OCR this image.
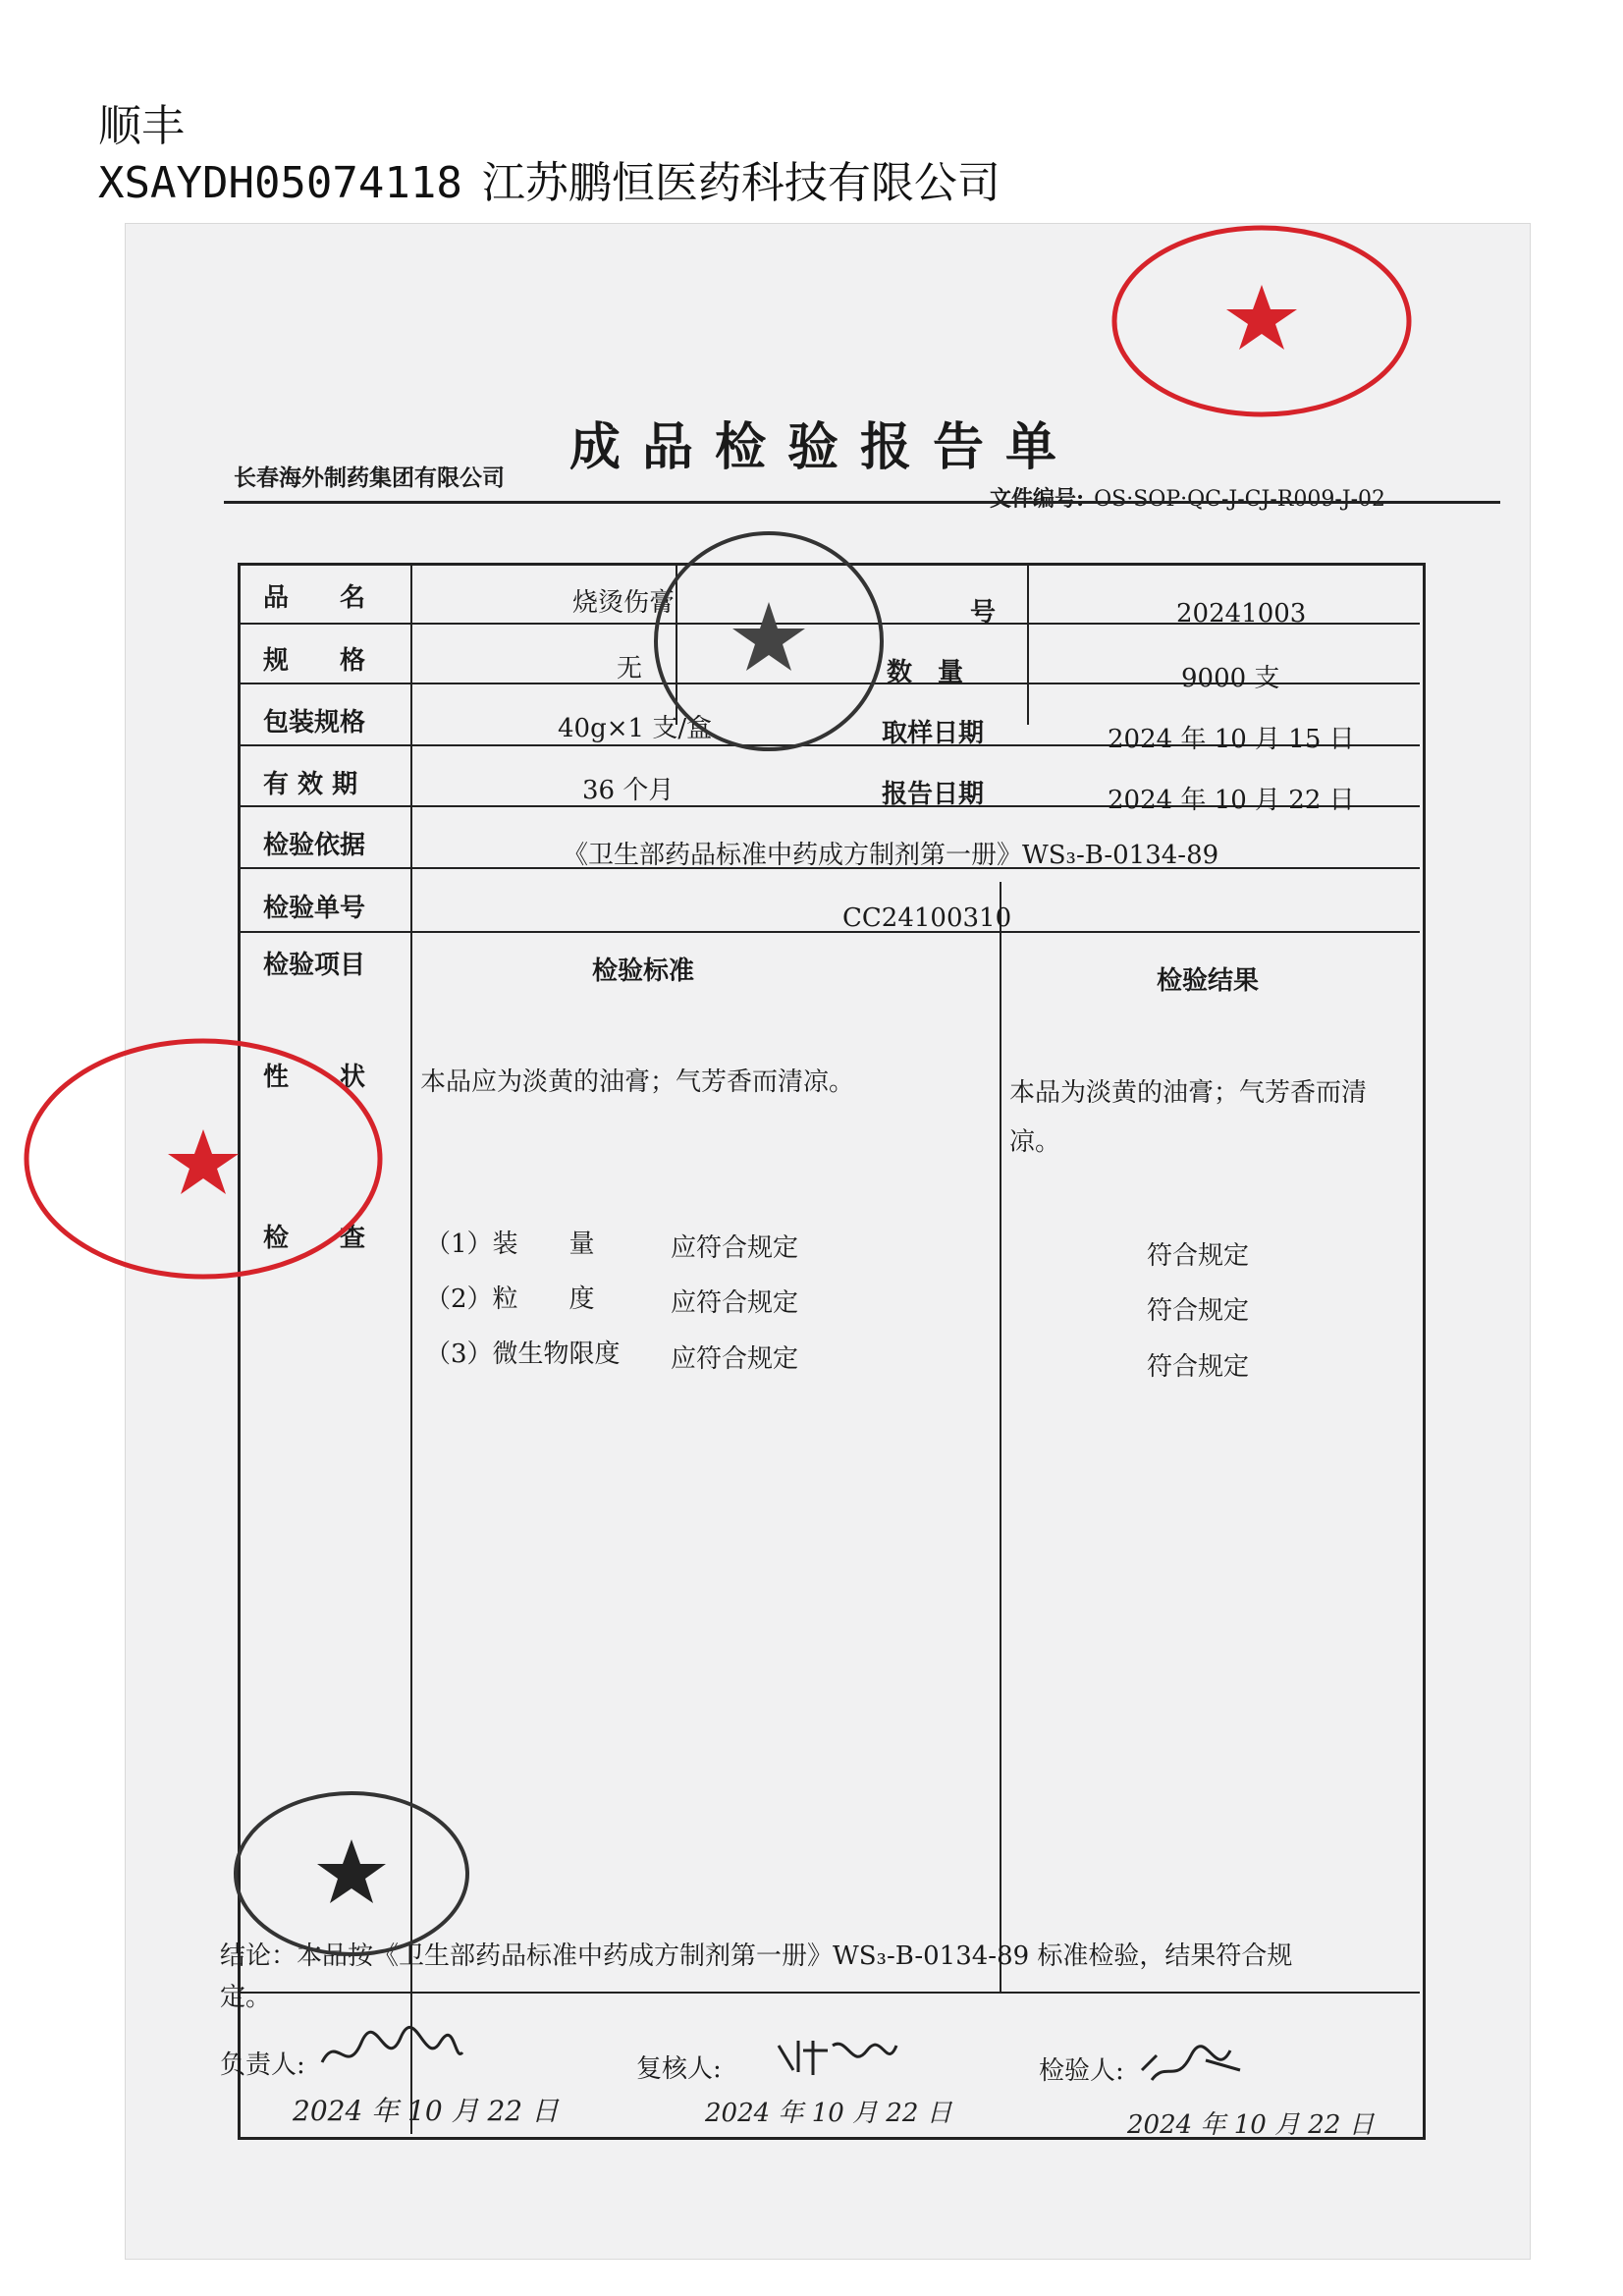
顺丰
XSAYDH05074118 江苏鹏恒医药科技有限公司
成品检验报告单
长春海外制药集团有限公司
文件编号: OS·SOP·QC-J-CJ-R009-J-02
品　　名	烧烫伤膏	号	20241003
规　　格	无	数　量	9000 支
包装规格	40g×1 支/盒	取样日期	2024 年 10 月 15 日
有 效 期	36 个月	报告日期	2024 年 10 月 22 日
检验依据	《卫生部药品标准中药成方制剂第一册》WS₃-B-0134-89
检验单号	CC24100310
检验项目	检验标准	检验结果
性　　状 本品应为淡黄的油膏；气芳香而清凉。	本品为淡黄的油膏；气芳香而清
凉。
检　　查 （1）装　　量	应符合规定	符合规定
（2）粒　　度	应符合规定	符合规定
（3）微生物限度 应符合规定	符合规定
结论：本品按《卫生部药品标准中药成方制剂第一册》WS₃-B-0134-89 标准检验，结果符合规
定。
负责人:
2024 年 10 月 22 日
复核人:
2024 年 10 月 22 日
检验人:
2024 年 10 月 22 日
